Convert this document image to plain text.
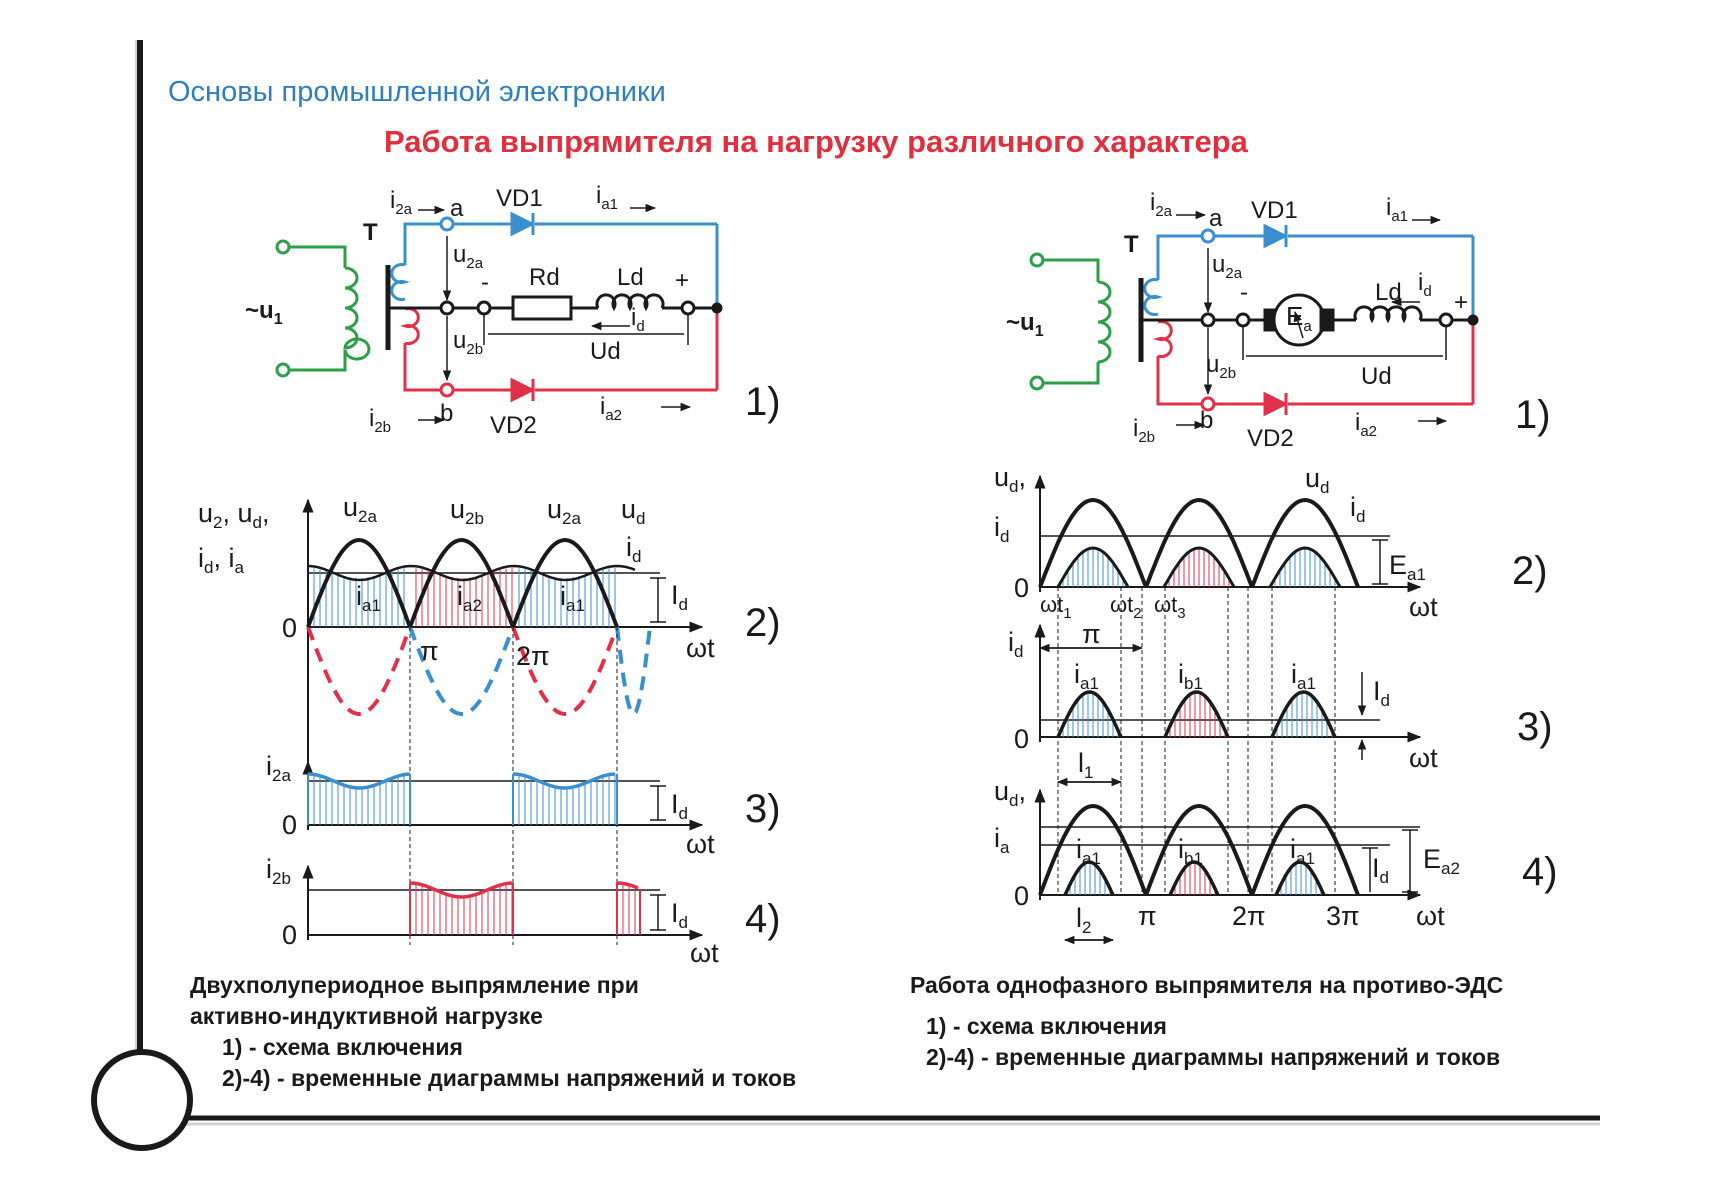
Основы промышленной электроники
Работа выпрямителя на нагрузку различного характера
T
$\sim u_1$
a
b
VD1
VD2
Rd Ld
-	+
Ud
$i_{2a}$
$i_{2b}$
$i_{a1}$
$i_{a2}$
$u_{2a}$
$u_{2b}$
$i_d$
1)
T
$\sim u_1$
a
b
VD1
VD2
Ld
$E_a$
-	+
Ud
$i_{2a}$
$i_{2b}$
$i_{a1}$
$i_{a2}$
$u_{2a}$
$u_{2b}$
$i_d$
1)
$u_2$, $u_d$,
$i_d$, $i_a$
$u_{2a}$	$u_{2b}$ $u_{2a}$ $u_d$
$i_d$
$i_{a1}$	$i_{a2}$	$i_{a1}$	$I_d$
0
π	2π	ωt
2)
$i_{2a}$
0
$I_d$
ωt
3)
$i_{2b}$
0
$I_d$
ωt
4)
$u_d$,
$i_d$
$u_d$
$i_d$
$E_{a1}$
0
$\omega t_1$ $\omega t_2$ $\omega t_3$	ωt
2)
$i_d$
π
$i_{a1}$	$i_{b1}$	$i_{a1}$ $I_d$
$l_1$
0
ωt
3)
$u_d$,
$i_a$ $i_{a1}$	$i_{b1}$	$i_{a1}$ $I_d$
$E_{a2}$
$l_2$
0
π	2π 3π ωt
4)
Двухполупериодное выпрямление при
активно-индуктивной нагрузке
1) - схема включения
2)-4) - временные диаграммы напряжений и токов
Работа однофазного выпрямителя на противо-ЭДС
1) - схема включения
2)-4) - временные диаграммы напряжений и токов
